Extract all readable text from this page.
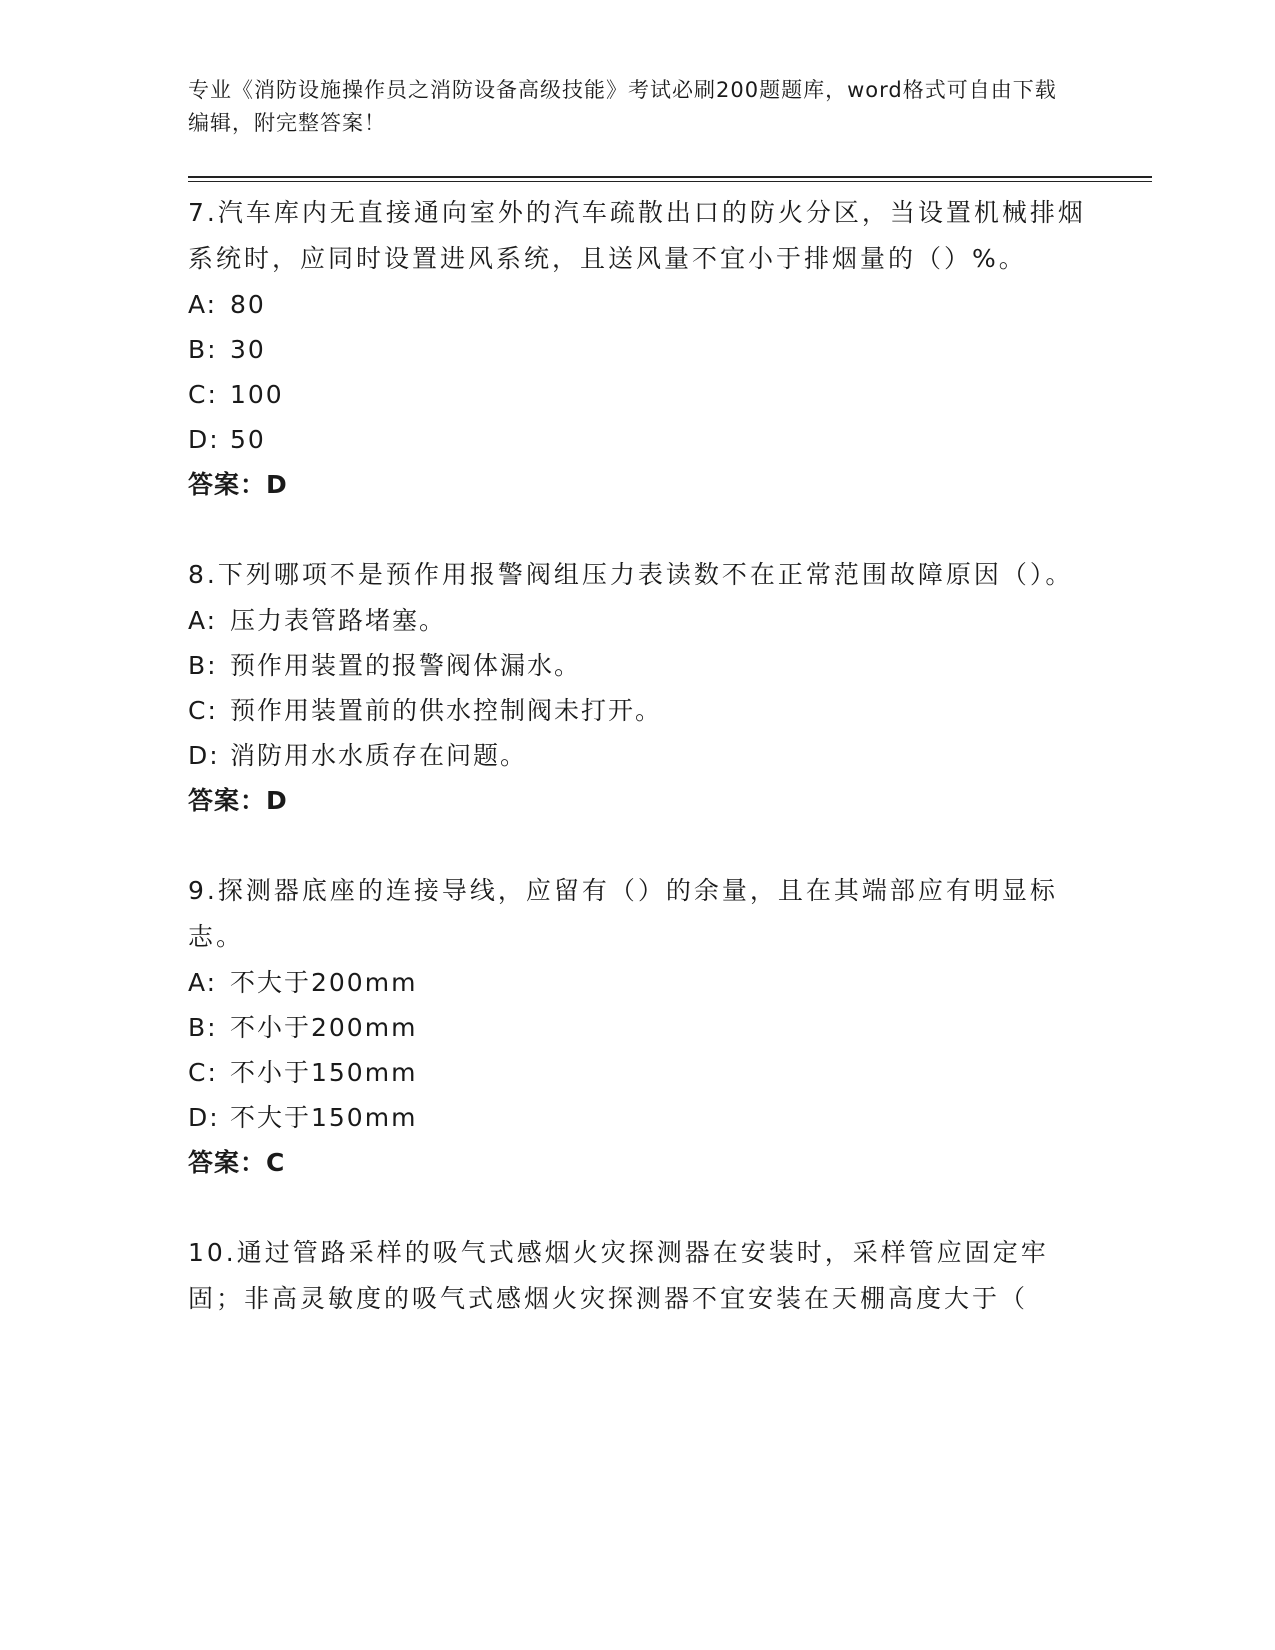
专业《消防设施操作员之消防设备高级技能》考试必刷200题题库，word格式可自由下载编辑，附完整答案！

7.汽车库内无直接通向室外的汽车疏散出口的防火分区，当设置机械排烟系统时，应同时设置进风系统，且送风量不宜小于排烟量的（）%。

A: 80

B: 30

C: 100

D: 50

答案：D

8.下列哪项不是预作用报警阀组压力表读数不在正常范围故障原因（）。

A: 压力表管路堵塞。

B: 预作用装置的报警阀体漏水。

C: 预作用装置前的供水控制阀未打开。

D: 消防用水水质存在问题。

答案：D

9.探测器底座的连接导线，应留有（）的余量，且在其端部应有明显标志。

A: 不大于200mm

B: 不小于200mm

C: 不小于150mm

D: 不大于150mm

答案：C

10.通过管路采样的吸气式感烟火灾探测器在安装时，采样管应固定牢固；非高灵敏度的吸气式感烟火灾探测器不宜安装在天棚高度大于（
